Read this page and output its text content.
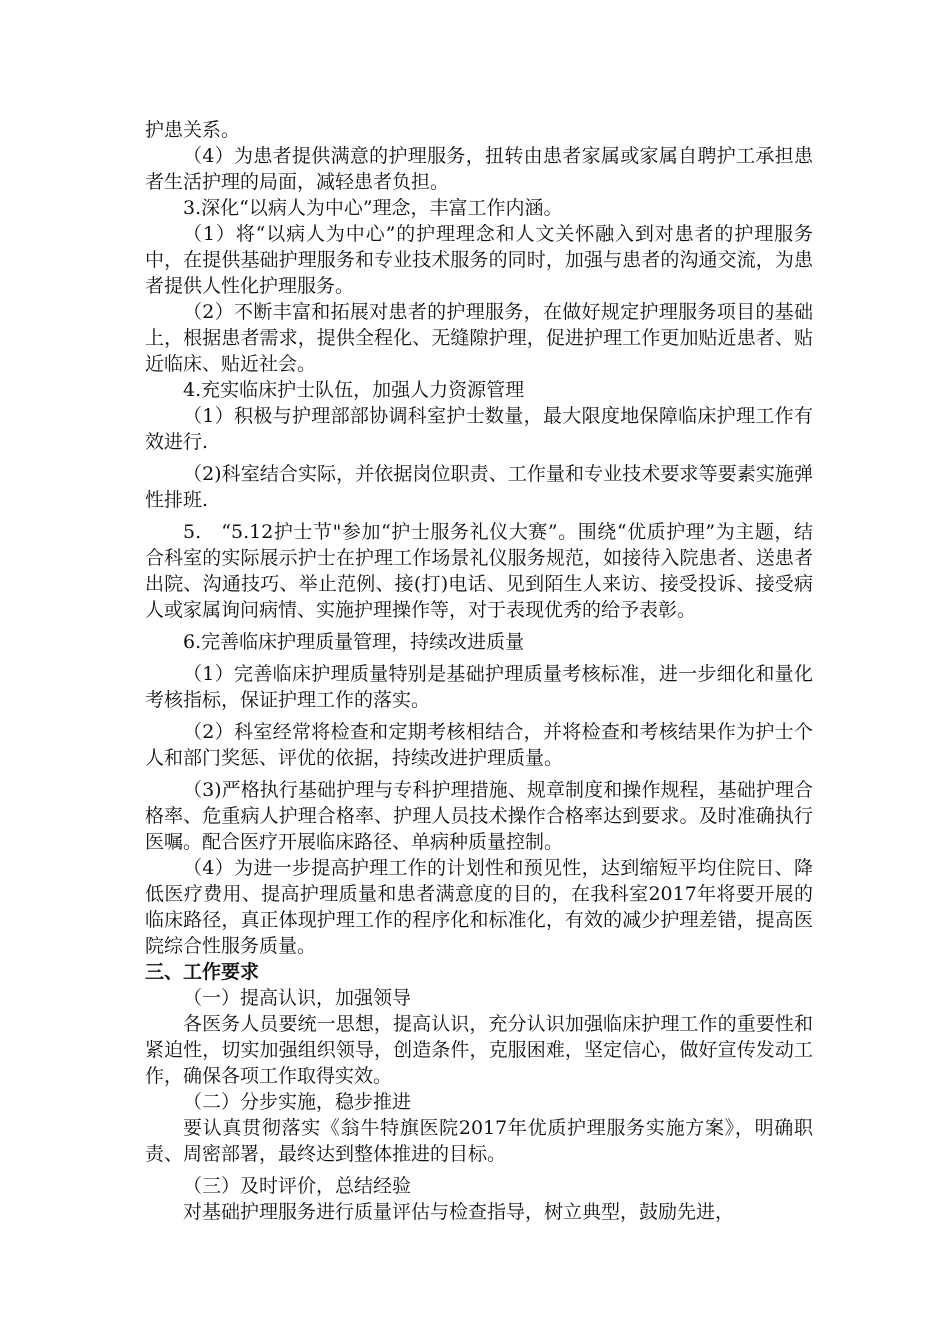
护患关系。

（4）为患者提供满意的护理服务，扭转由患者家属或家属自聘护工承担患者生活护理的局面，减轻患者负担。

3.深化“以病人为中心”理念，丰富工作内涵。

（1）将“以病人为中心”的护理理念和人文关怀融入到对患者的护理服务中，在提供基础护理服务和专业技术服务的同时，加强与患者的沟通交流，为患者提供人性化护理服务。

（2）不断丰富和拓展对患者的护理服务，在做好规定护理服务项目的基础上，根据患者需求，提供全程化、无缝隙护理，促进护理工作更加贴近患者、贴近临床、贴近社会。

4.充实临床护士队伍，加强人力资源管理

（1）积极与护理部部协调科室护士数量，最大限度地保障临床护理工作有效进行.

（2)科室结合实际，并依据岗位职责、工作量和专业技术要求等要素实施弹性排班.

5.　“5.12护士节"参加“护士服务礼仪大赛”。围绕“优质护理”为主题，结合科室的实际展示护士在护理工作场景礼仪服务规范，如接待入院患者、送患者出院、沟通技巧、举止范例、接(打)电话、见到陌生人来访、接受投诉、接受病人或家属询问病情、实施护理操作等，对于表现优秀的给予表彰。

6.完善临床护理质量管理，持续改进质量

（1）完善临床护理质量特别是基础护理质量考核标准，进一步细化和量化考核指标，保证护理工作的落实。

（2）科室经常将检查和定期考核相结合，并将检查和考核结果作为护士个人和部门奖惩、评优的依据，持续改进护理质量。

（3)严格执行基础护理与专科护理措施、规章制度和操作规程，基础护理合格率、危重病人护理合格率、护理人员技术操作合格率达到要求。及时准确执行医嘱。配合医疗开展临床路径、单病种质量控制。

（4）为进一步提高护理工作的计划性和预见性，达到缩短平均住院日、降低医疗费用、提高护理质量和患者满意度的目的，在我科室2017年将要开展的临床路径，真正体现护理工作的程序化和标准化，有效的减少护理差错，提高医院综合性服务质量。

三、工作要求

（一）提高认识，加强领导

各医务人员要统一思想，提高认识，充分认识加强临床护理工作的重要性和紧迫性，切实加强组织领导，创造条件，克服困难，坚定信心，做好宣传发动工作，确保各项工作取得实效。

（二）分步实施，稳步推进

要认真贯彻落实《翁牛特旗医院2017年优质护理服务实施方案》，明确职责、周密部署，最终达到整体推进的目标。

（三）及时评价，总结经验

对基础护理服务进行质量评估与检查指导，树立典型，鼓励先进，
